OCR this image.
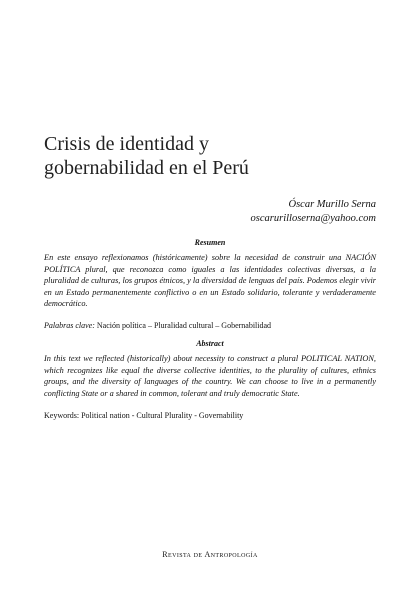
Crisis de identidad y
gobernabilidad en el Perú
Óscar Murillo Serna
oscarurilloserna@yahoo.com
Resumen

En este ensayo reflexionamos (históricamente) sobre la necesidad de construir una NACIÓN POLÍTICA plural, que reconozca como iguales a las identidades colectivas diversas, a la pluralidad de culturas, los grupos étnicos, y la diversidad de lenguas del país. Podemos elegir vivir en un Estado permanentemente conflictivo o en un Estado solidario, tolerante y verdaderamente democrático.

Palabras clave: Nación política – Pluralidad cultural – Gobernabilidad
Abstract

In this text we reflected (historically) about necessity to construct a plural POLITICAL NATION, which recognizes like equal the diverse collective identities, to the plurality of cultures, ethnics groups, and the diversity of languages of the country. We can choose to live in a permanently conflicting State or a shared in common, tolerant and truly democratic State.

Keywords: Political nation - Cultural Plurality - Governability
Revista de Antropología
